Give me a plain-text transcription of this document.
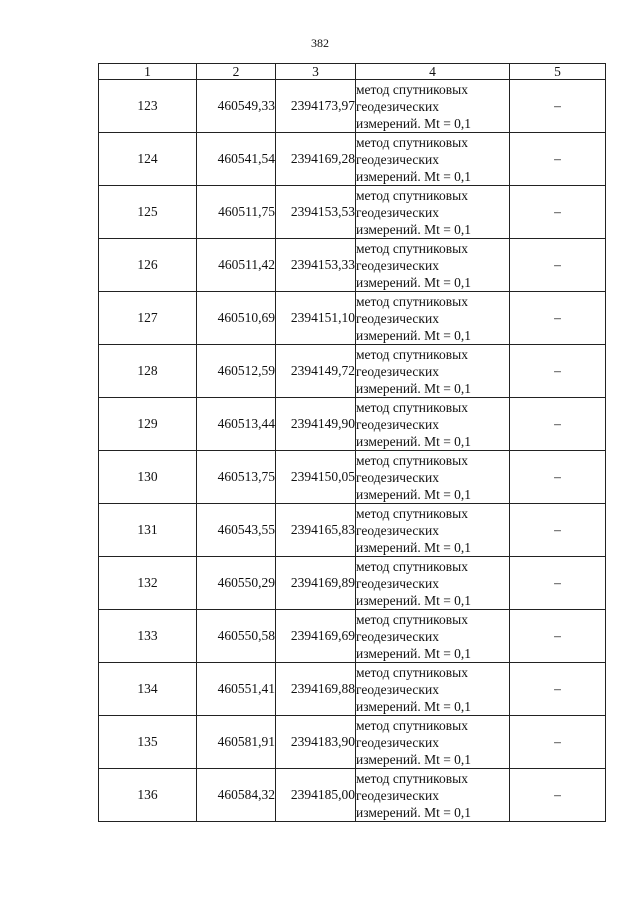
382
1	2	3	4	5
123	460549,33	2394173,97	метод спутниковых
геодезических
измерений. Mt = 0,1	–
124	460541,54	2394169,28	метод спутниковых
геодезических
измерений. Mt = 0,1	–
125	460511,75	2394153,53	метод спутниковых
геодезических
измерений. Mt = 0,1	–
126	460511,42	2394153,33	метод спутниковых
геодезических
измерений. Mt = 0,1	–
127	460510,69	2394151,10	метод спутниковых
геодезических
измерений. Mt = 0,1	–
128	460512,59	2394149,72	метод спутниковых
геодезических
измерений. Mt = 0,1	–
129	460513,44	2394149,90	метод спутниковых
геодезических
измерений. Mt = 0,1	–
130	460513,75	2394150,05	метод спутниковых
геодезических
измерений. Mt = 0,1	–
131	460543,55	2394165,83	метод спутниковых
геодезических
измерений. Mt = 0,1	–
132	460550,29	2394169,89	метод спутниковых
геодезических
измерений. Mt = 0,1	–
133	460550,58	2394169,69	метод спутниковых
геодезических
измерений. Mt = 0,1	–
134	460551,41	2394169,88	метод спутниковых
геодезических
измерений. Mt = 0,1	–
135	460581,91	2394183,90	метод спутниковых
геодезических
измерений. Mt = 0,1	–
136	460584,32	2394185,00	метод спутниковых
геодезических
измерений. Mt = 0,1	–
